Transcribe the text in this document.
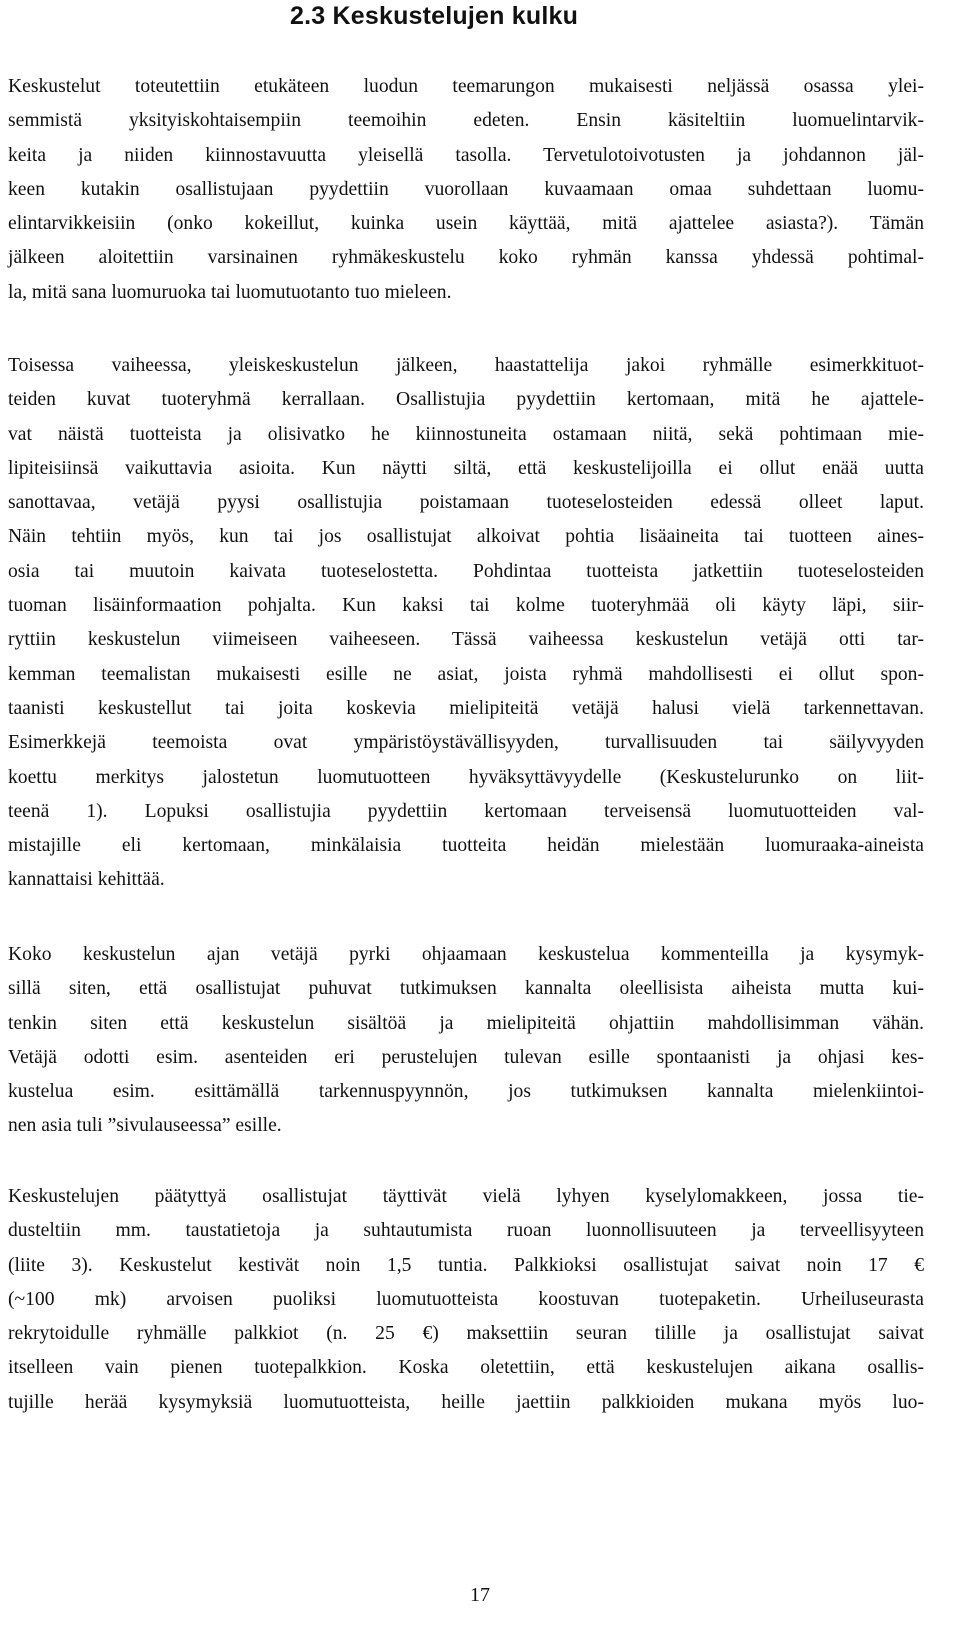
2.3 Keskustelujen kulku
Keskustelut toteutettiin etukäteen luodun teemarungon mukaisesti neljässä osassa ylei-
semmistä yksityiskohtaisempiin teemoihin edeten. Ensin käsiteltiin luomuelintarvik-
keita ja niiden kiinnostavuutta yleisellä tasolla. Tervetulotoivotusten ja johdannon jäl-
keen kutakin osallistujaan pyydettiin vuorollaan kuvaamaan omaa suhdettaan luomu-
elintarvikkeisiin (onko kokeillut, kuinka usein käyttää, mitä ajattelee asiasta?). Tämän
jälkeen aloitettiin varsinainen ryhmäkeskustelu koko ryhmän kanssa yhdessä pohtimal-
la, mitä sana luomuruoka tai luomutuotanto tuo mieleen.
Toisessa vaiheessa, yleiskeskustelun jälkeen, haastattelija jakoi ryhmälle esimerkkituot-
teiden kuvat tuoteryhmä kerrallaan. Osallistujia pyydettiin kertomaan, mitä he ajattele-
vat näistä tuotteista ja olisivatko he kiinnostuneita ostamaan niitä, sekä pohtimaan mie-
lipiteisiinsä vaikuttavia asioita. Kun näytti siltä, että keskustelijoilla ei ollut enää uutta
sanottavaa, vetäjä pyysi osallistujia poistamaan tuoteselosteiden edessä olleet laput.
Näin tehtiin myös, kun tai jos osallistujat alkoivat pohtia lisäaineita tai tuotteen aines-
osia tai muutoin kaivata tuoteselostetta. Pohdintaa tuotteista jatkettiin tuoteselosteiden
tuoman lisäinformaation pohjalta. Kun kaksi tai kolme tuoteryhmää oli käyty läpi, siir-
ryttiin keskustelun viimeiseen vaiheeseen. Tässä vaiheessa keskustelun vetäjä otti tar-
kemman teemalistan mukaisesti esille ne asiat, joista ryhmä mahdollisesti ei ollut spon-
taanisti keskustellut tai joita koskevia mielipiteitä vetäjä halusi vielä tarkennettavan.
Esimerkkejä teemoista ovat ympäristöystävällisyyden, turvallisuuden tai säilyvyyden
koettu merkitys jalostetun luomutuotteen hyväksyttävyydelle (Keskustelurunko on liit-
teenä 1). Lopuksi osallistujia pyydettiin kertomaan terveisensä luomutuotteiden val-
mistajille eli kertomaan, minkälaisia tuotteita heidän mielestään luomuraaka-aineista
kannattaisi kehittää.
Koko keskustelun ajan vetäjä pyrki ohjaamaan keskustelua kommenteilla ja kysymyk-
sillä siten, että osallistujat puhuvat tutkimuksen kannalta oleellisista aiheista mutta kui-
tenkin siten että keskustelun sisältöä ja mielipiteitä ohjattiin mahdollisimman vähän.
Vetäjä odotti esim. asenteiden eri perustelujen tulevan esille spontaanisti ja ohjasi kes-
kustelua esim. esittämällä tarkennuspyynnön, jos tutkimuksen kannalta mielenkiintoi-
nen asia tuli ”sivulauseessa” esille.
Keskustelujen päätyttyä osallistujat täyttivät vielä lyhyen kyselylomakkeen, jossa tie-
dusteltiin mm. taustatietoja ja suhtautumista ruoan luonnollisuuteen ja terveellisyyteen
(liite 3). Keskustelut kestivät noin 1,5 tuntia. Palkkioksi osallistujat saivat noin 17 €
(~100 mk) arvoisen puoliksi luomutuotteista koostuvan tuotepaketin. Urheiluseurasta
rekrytoidulle ryhmälle palkkiot (n. 25 €) maksettiin seuran tilille ja osallistujat saivat
itselleen vain pienen tuotepalkkion. Koska oletettiin, että keskustelujen aikana osallis-
tujille herää kysymyksiä luomutuotteista, heille jaettiin palkkioiden mukana myös luo-

17
